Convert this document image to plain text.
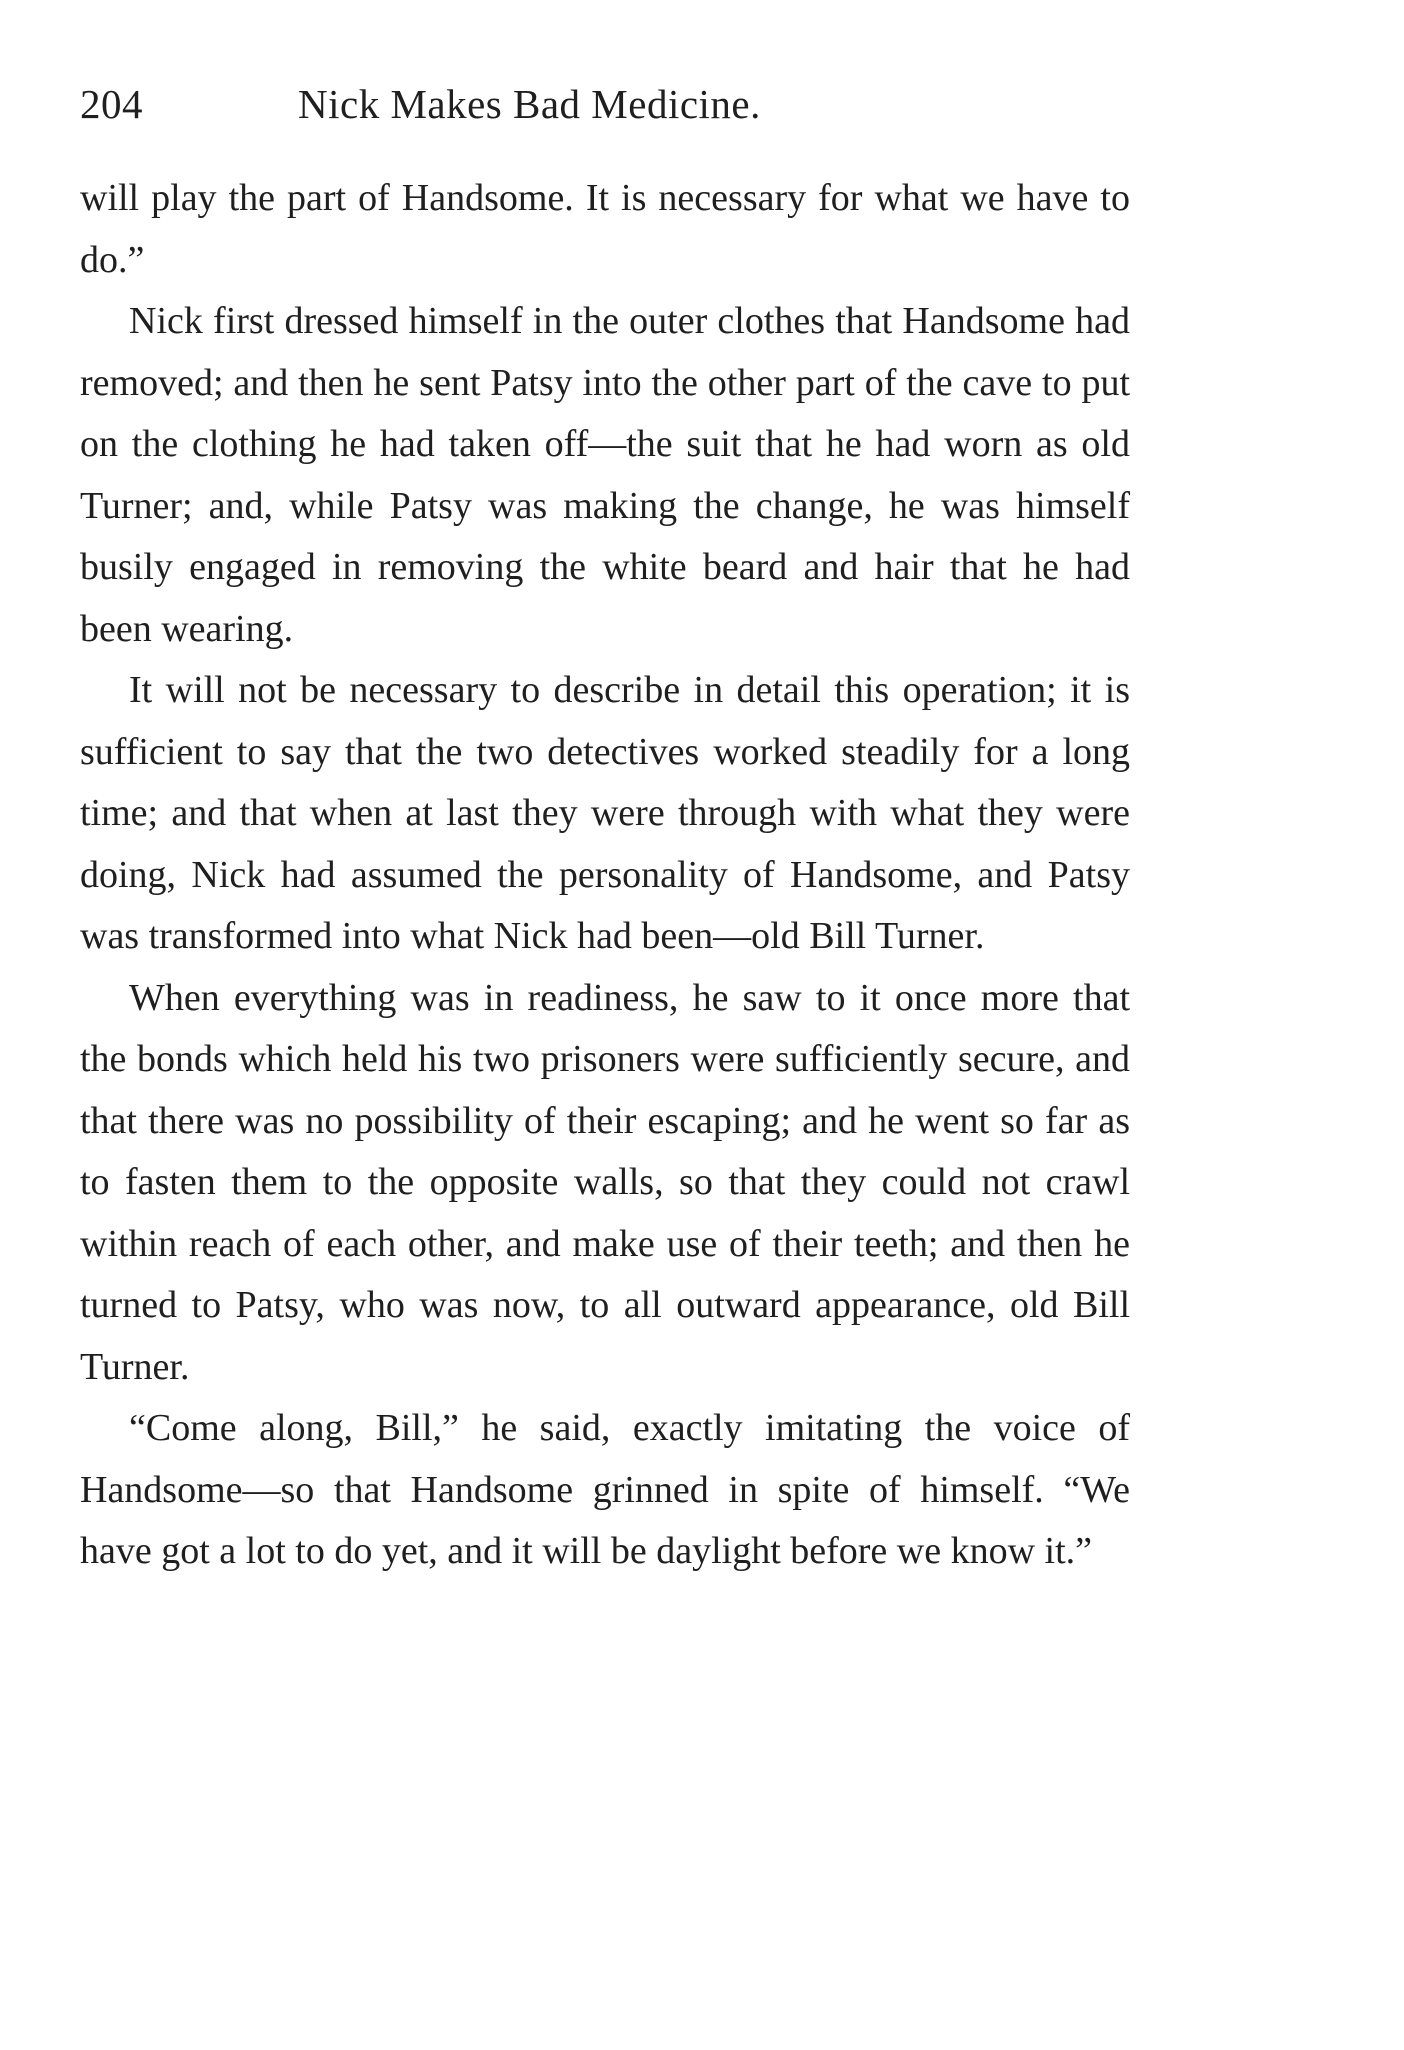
204	Nick Makes Bad Medicine.

will play the part of Handsome. It is necessary for what we have to do.”

Nick first dressed himself in the outer clothes that Handsome had removed; and then he sent Patsy into the other part of the cave to put on the clothing he had taken off—the suit that he had worn as old Turner; and, while Patsy was making the change, he was himself busily engaged in removing the white beard and hair that he had been wearing.

It will not be necessary to describe in detail this operation; it is sufficient to say that the two detectives worked steadily for a long time; and that when at last they were through with what they were doing, Nick had assumed the personality of Handsome, and Patsy was transformed into what Nick had been—old Bill Turner.

When everything was in readiness, he saw to it once more that the bonds which held his two prisoners were sufficiently secure, and that there was no possibility of their escaping; and he went so far as to fasten them to the opposite walls, so that they could not crawl within reach of each other, and make use of their teeth; and then he turned to Patsy, who was now, to all outward appearance, old Bill Turner.

“Come along, Bill,” he said, exactly imitating the voice of Handsome—so that Handsome grinned in spite of himself. “We have got a lot to do yet, and it will be daylight before we know it.”
